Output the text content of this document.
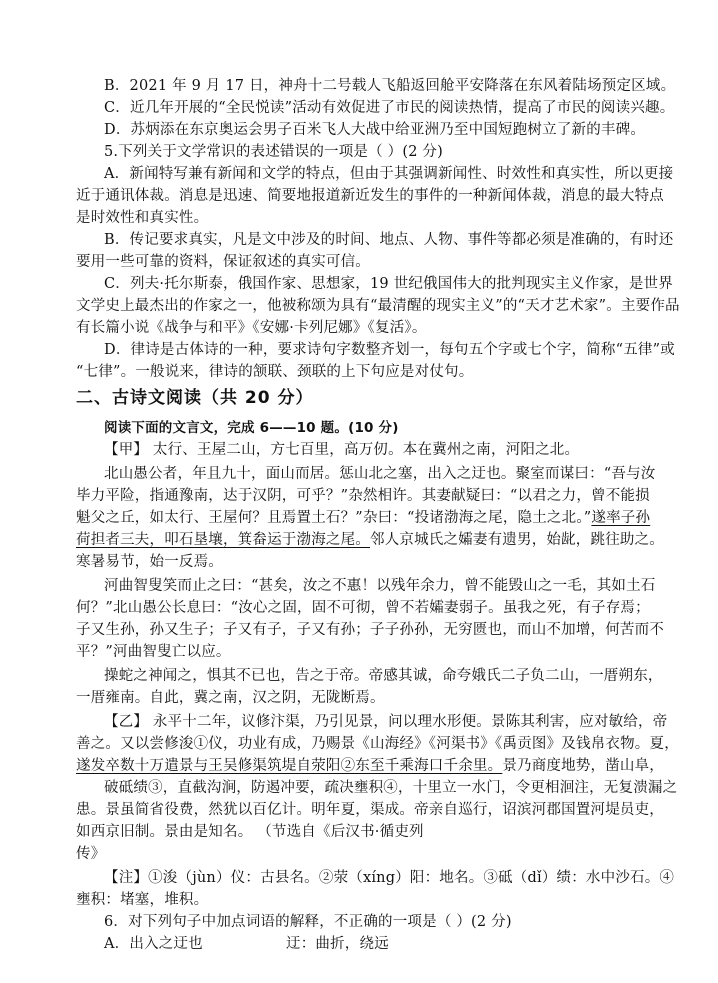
B．2021 年 9 月 17 日，神舟十二号载人飞船返回舱平安降落在东风着陆场预定区域。
C．近几年开展的“全民悦读”活动有效促进了市民的阅读热情，提高了市民的阅读兴趣。
D．苏炳添在东京奥运会男子百米飞人大战中给亚洲乃至中国短跑树立了新的丰碑。
5.下列关于文学常识的表述错误的一项是（ ）(2 分)
A．新闻特写兼有新闻和文学的特点，但由于其强调新闻性、时效性和真实性，所以更接
近于通讯体裁。消息是迅速、简要地报道新近发生的事件的一种新闻体裁，消息的最大特点
是时效性和真实性。
B．传记要求真实，凡是文中涉及的时间、地点、人物、事件等都必须是准确的，有时还
要用一些可靠的资料，保证叙述的真实可信。
C．列夫·托尔斯泰，俄国作家、思想家，19 世纪俄国伟大的批判现实主义作家，是世界
文学史上最杰出的作家之一，他被称颂为具有“最清醒的现实主义”的“天才艺术家”。主要作品
有长篇小说《战争与和平》《安娜·卡列尼娜》《复活》。
D．律诗是古体诗的一种，要求诗句字数整齐划一，每句五个字或七个字，简称“五律”或
“七律”。一般说来，律诗的颔联、颈联的上下句应是对仗句。
二、古诗文阅读（共 20 分）
阅读下面的文言文，完成 6——10 题。(10 分)
【甲】 太行、王屋二山，方七百里，高万仞。本在冀州之南，河阳之北。
北山愚公者，年且九十，面山而居。惩山北之塞，出入之迂也。聚室而谋曰：“吾与汝
毕力平险，指通豫南，达于汉阴，可乎？”杂然相许。其妻献疑曰：“以君之力，曾不能损
魁父之丘，如太行、王屋何？且焉置土石？”杂曰：“投诸渤海之尾，隐土之北。”遂率子孙
荷担者三夫，叩石垦壤，箕畚运于渤海之尾。邻人京城氏之孀妻有遗男，始龀，跳往助之。
寒暑易节，始一反焉。
河曲智叟笑而止之曰：“甚矣，汝之不惠！以残年余力，曾不能毁山之一毛，其如土石
何？”北山愚公长息曰：“汝心之固，固不可彻，曾不若孀妻弱子。虽我之死，有子存焉；
子又生孙，孙又生子；子又有子，子又有孙；子子孙孙，无穷匮也，而山不加增，何苦而不
平？”河曲智叟亡以应。
操蛇之神闻之，惧其不已也，告之于帝。帝感其诚，命夸娥氏二子负二山，一厝朔东，
一厝雍南。自此，冀之南，汉之阴，无陇断焉。
【乙】 永平十二年，议修汴渠，乃引见景，问以理水形便。景陈其利害，应对敏给，帝
善之。又以尝修浚①仪，功业有成，乃赐景《山海经》《河渠书》《禹贡图》及钱帛衣物。夏，
遂发卒数十万遣景与王吴修渠筑堤自荥阳②东至千乘海口千余里。景乃商度地势，凿山阜，
破砥绩③，直截沟涧，防遏冲要，疏决壅积④，十里立一水门，令更相洄注，无复溃漏之
患。景虽简省役费，然犹以百亿计。明年夏，渠成。帝亲自巡行，诏滨河郡国置河堤员吏，
如西京旧制。景由是知名。 （节选自《后汉书·循吏列
传》
【注】①浚（jùn）仪：古县名。②荥（xíng）阳：地名。③砥（dǐ）绩：水中沙石。④
壅积：堵塞，堆积。
6．对下列句子中加点词语的解释，不正确的一项是（ ）(2 分)
A．出入之迂也	迂：曲折，绕远
